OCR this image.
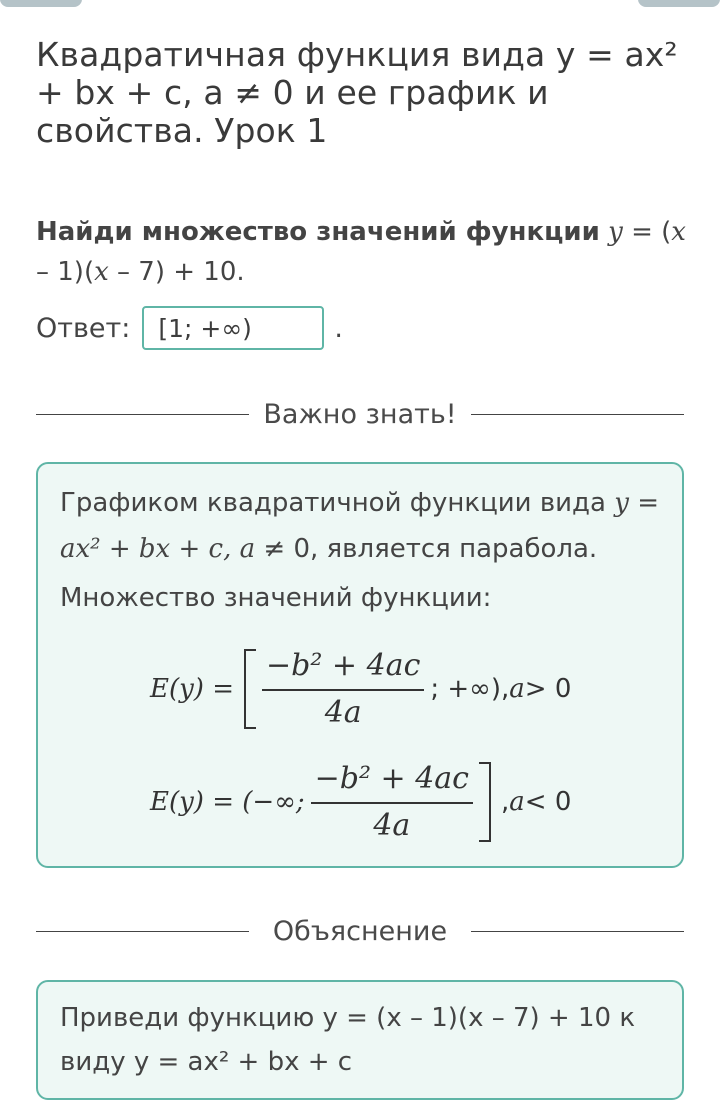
Квадратичная функция вида y = ax² + bx + c, a ≠ 0 и ее график и свойства. Урок 1
Найди множество значений функции y = (x – 1)(x – 7) + 10.
Ответ:	[1; +∞)	.
Важно знать!
Графиком квадратичной функции вида y =
ax² + bx + c, a ≠ 0, является парабола.
Множество значений функции:
$E(y) = \frac{\text{−b² + 4ac}}{4a}$ ; +∞), a > 0
E(y) = (−∞; $\frac{\text{−b² + 4ac}}{4a}$ , a < 0
Объяснение
Приведи функцию y = (x – 1)(x – 7) + 10 к виду y = ax² + bx + c
